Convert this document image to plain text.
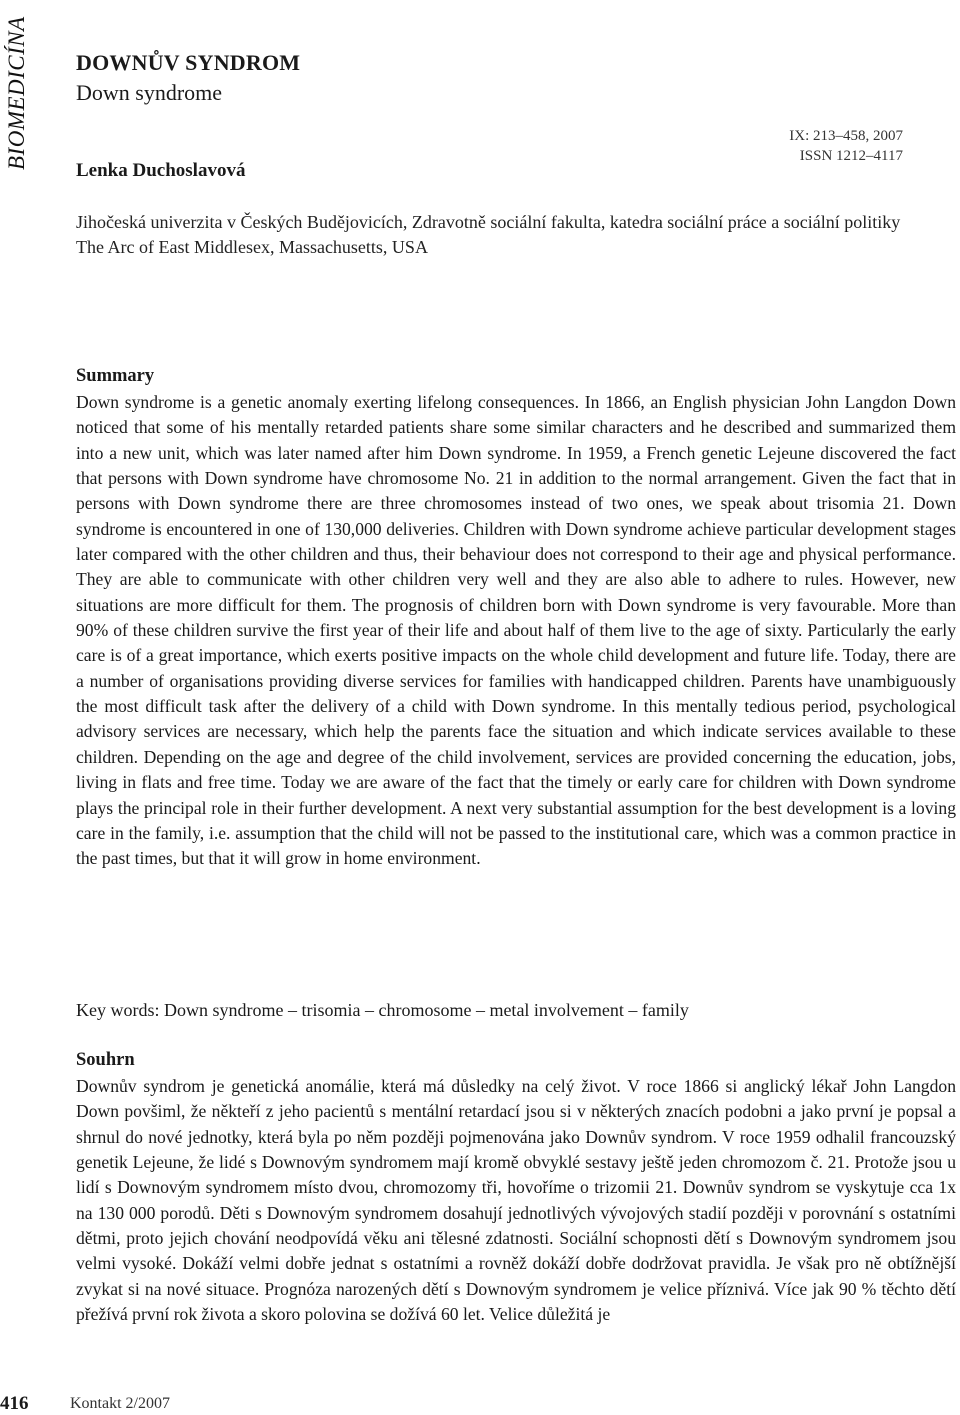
BIOMEDICÍNA DOWNŮV SYNDROM
Down syndrome
Lenka Duchoslavová
IX: 213–458, 2007
ISSN 1212–4117
Jihočeská univerzita v Českých Budějovicích, Zdravotně sociální fakulta, katedra sociální práce a sociální politiky
The Arc of East Middlesex, Massachusetts, USA
Summary
Down syndrome is a genetic anomaly exerting lifelong consequences. In 1866, an English physician John Langdon Down noticed that some of his mentally retarded patients share some similar characters and he described and summarized them into a new unit, which was later named after him Down syndrome. In 1959, a French genetic Lejeune discovered the fact that persons with Down syndrome have chromosome No. 21 in addition to the normal arrangement. Given the fact that in persons with Down syndrome there are three chromosomes instead of two ones, we speak about trisomia 21. Down syndrome is encountered in one of 130,000 deliveries. Children with Down syndrome achieve particular development stages later compared with the other children and thus, their behaviour does not correspond to their age and physical performance. They are able to communicate with other children very well and they are also able to adhere to rules. However, new situations are more difficult for them. The prognosis of children born with Down syndrome is very favourable. More than 90% of these children survive the first year of their life and about half of them live to the age of sixty. Particularly the early care is of a great importance, which exerts positive impacts on the whole child development and future life. Today, there are a number of organisations providing diverse services for families with handicapped children. Parents have unambiguously the most difficult task after the delivery of a child with Down syndrome. In this mentally tedious period, psychological advisory services are necessary, which help the parents face the situation and which indicate services available to these children. Depending on the age and degree of the child involvement, services are provided concerning the education, jobs, living in flats and free time. Today we are aware of the fact that the timely or early care for children with Down syndrome plays the principal role in their further development. A next very substantial assumption for the best development is a loving care in the family, i.e. assumption that the child will not be passed to the institutional care, which was a common practice in the past times, but that it will grow in home environment.
Key words: Down syndrome – trisomia – chromosome – metal involvement – family
Souhrn
Downův syndrom je genetická anomálie, která má důsledky na celý život. V roce 1866 si anglický lékař John Langdon Down povšiml, že někteří z jeho pacientů s mentální retardací jsou si v některých znacích podobni a jako první je popsal a shrnul do nové jednotky, která byla po něm později pojmenována jako Downův syndrom. V roce 1959 odhalil francouzský genetik Lejeune, že lidé s Downovým syndromem mají kromě obvyklé sestavy ještě jeden chromozom č. 21. Protože jsou u lidí s Downovým syndromem místo dvou, chromozomy tři, hovoříme o trizomii 21. Downův syndrom se vyskytuje cca 1x na 130 000 porodů. Děti s Downovým syndromem dosahují jednotlivých vývojových stadií později v porovnání s ostatními dětmi, proto jejich chování neodpovídá věku ani tělesné zdatnosti. Sociální schopnosti dětí s Downovým syndromem jsou velmi vysoké. Dokáží velmi dobře jednat s ostatními a rovněž dokáží dobře dodržovat pravidla. Je však pro ně obtížnější zvykat si na nové situace. Prognóza narozených dětí s Downovým syndromem je velice příznivá. Více jak 90 % těchto dětí přežívá první rok života a skoro polovina se dožívá 60 let. Velice důležitá je
416	Kontakt 2/2007
